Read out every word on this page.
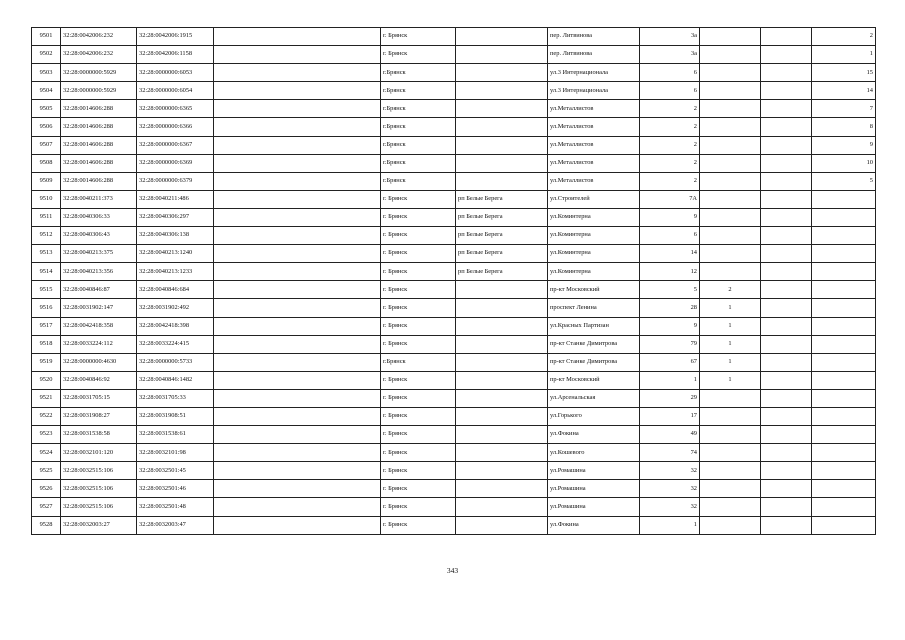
9501	32:28:0042006:232	32:28:0042006:1915		г. Брянск		пер. Литвинова	3а			2
9502	32:28:0042006:232	32:28:0042006:1158		г. Брянск		пер. Литвинова	3а			1
9503	32:28:0000000:5929	32:28:0000000:6053		г.Брянск		ул.3 Интернационала	6			15
9504	32:28:0000000:5929	32:28:0000000:6054		г.Брянск		ул.3 Интернационала	6			14
9505	32:28:0014606:288	32:28:0000000:6365		г.Брянск		ул.Металлистов	2			7
9506	32:28:0014606:288	32:28:0000000:6366		г.Брянск		ул.Металлистов	2			8
9507	32:28:0014606:288	32:28:0000000:6367		г.Брянск		ул.Металлистов	2			9
9508	32:28:0014606:288	32:28:0000000:6369		г.Брянск		ул.Металлистов	2			10
9509	32:28:0014606:288	32:28:0000000:6379		г.Брянск		ул.Металлистов	2			5
9510	32:28:0040211:373	32:28:0040211:486		г. Брянск	рп Белые Берега	ул.Строителей	7А			
9511	32:28:0040306:33	32:28:0040306:297		г. Брянск	рп Белые Берега	ул.Коминтерна	9			
9512	32:28:0040306:43	32:28:0040306:138		г. Брянск	рп Белые Берега	ул.Коминтерна	6			
9513	32:28:0040213:375	32:28:0040213:1240		г. Брянск	рп Белые Берега	ул.Коминтерна	14			
9514	32:28:0040213:356	32:28:0040213:1233		г. Брянск	рп Белые Берега	ул.Коминтерна	12			
9515	32:28:0040846:87	32:28:0040846:684		г. Брянск		пр-кт Московский	5	2		
9516	32:28:0031902:147	32:28:0031902:492		г. Брянск		проспект Ленина	28	1		
9517	32:28:0042418:358	32:28:0042418:398		г. Брянск		ул.Красных Партизан	9	1		
9518	32:28:0033224:112	32:28:0033224:415		г. Брянск		пр-кт Станке Димитрова	79	1		
9519	32:28:0000000:4630	32:28:0000000:5733		г.Брянск		пр-кт Станке Димитрова	67	1		
9520	32:28:0040846:92	32:28:0040846:1482		г. Брянск		пр-кт Московский	1	1		
9521	32:28:0031705:15	32:28:0031705:33		г. Брянск		ул.Арсенальская	29			
9522	32:28:0031908:27	32:28:0031908:51		г. Брянск		ул.Горького	17			
9523	32:28:0031538:58	32:28:0031538:61		г. Брянск		ул.Фокина	49			
9524	32:28:0032101:120	32:28:0032101:98		г. Брянск		ул.Кошевого	74			
9525	32:28:0032515:106	32:28:0032501:45		г. Брянск		ул.Ромашина	32			
9526	32:28:0032515:106	32:28:0032501:46		г. Брянск		ул.Ромашина	32			
9527	32:28:0032515:106	32:28:0032501:48		г. Брянск		ул.Ромашина	32			
9528	32:28:0032003:27	32:28:0032003:47		г. Брянск		ул.Фокина	1			
343
